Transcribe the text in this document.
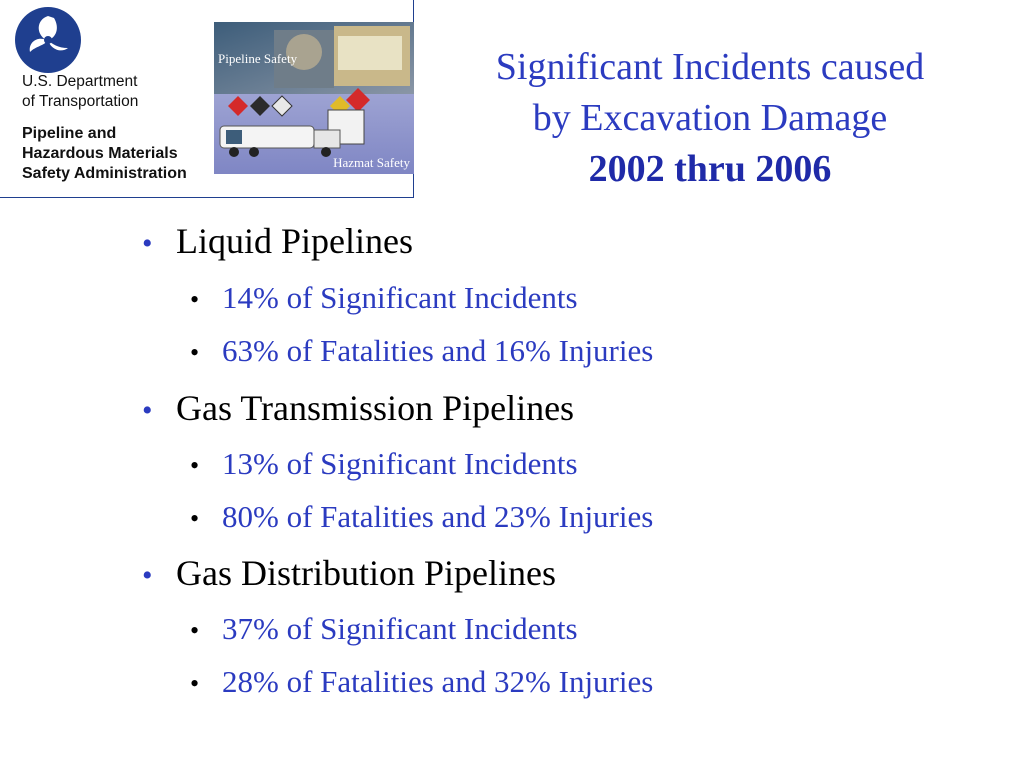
U.S. Department

of Transportation

Pipeline and
Hazardous Materials
Safety Administration

Pipeline Safety

Hazmat Safety

Significant Incidents caused
by Excavation Damage
2002 thru 2006

• Liquid Pipelines

• 14% of Significant Incidents

• 63% of Fatalities and 16% Injuries

• Gas Transmission Pipelines

• 13% of Significant Incidents

• 80% of Fatalities and 23% Injuries

• Gas Distribution Pipelines

• 37% of Significant Incidents

• 28% of Fatalities and 32% Injuries
